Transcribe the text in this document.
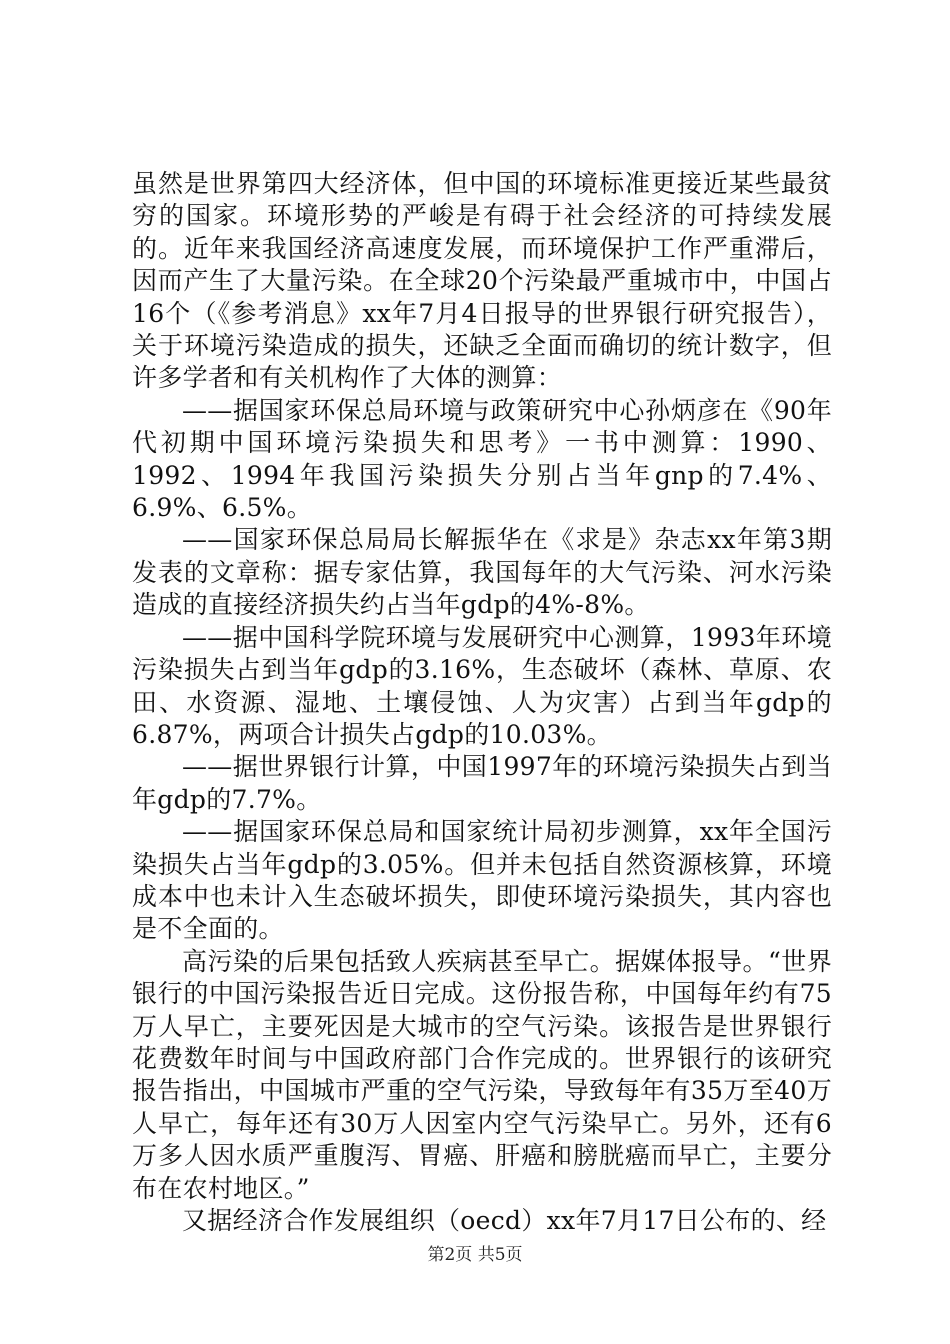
虽然是世界第四大经济体，但中国的环境标准更接近某些最贫穷的国家。环境形势的严峻是有碍于社会经济的可持续发展的。近年来我国经济高速度发展，而环境保护工作严重滞后，因而产生了大量污染。在全球20个污染最严重城市中，中国占16个（《参考消息》xx年7月4日报导的世界银行研究报告），关于环境污染造成的损失，还缺乏全面而确切的统计数字，但许多学者和有关机构作了大体的测算：

——据国家环保总局环境与政策研究中心孙炳彦在《90年代初期中国环境污染损失和思考》一书中测算：1990、1992、1994年我国污染损失分别占当年gnp的7.4%、6.9%、6.5%。

——国家环保总局局长解振华在《求是》杂志xx年第3期发表的文章称：据专家估算，我国每年的大气污染、河水污染造成的直接经济损失约占当年gdp的4%-8%。

——据中国科学院环境与发展研究中心测算，1993年环境污染损失占到当年gdp的3.16%，生态破坏（森林、草原、农田、水资源、湿地、土壤侵蚀、人为灾害）占到当年gdp的6.87%，两项合计损失占gdp的10.03%。

——据世界银行计算，中国1997年的环境污染损失占到当年gdp的7.7%。

——据国家环保总局和国家统计局初步测算，xx年全国污染损失占当年gdp的3.05%。但并未包括自然资源核算，环境成本中也未计入生态破坏损失，即使环境污染损失，其内容也是不全面的。

高污染的后果包括致人疾病甚至早亡。据媒体报导。“世界银行的中国污染报告近日完成。这份报告称，中国每年约有75万人早亡，主要死因是大城市的空气污染。该报告是世界银行花费数年时间与中国政府部门合作完成的。世界银行的该研究报告指出，中国城市严重的空气污染，导致每年有35万至40万人早亡，每年还有30万人因室内空气污染早亡。另外，还有6万多人因水质严重腹泻、胃癌、肝癌和膀胱癌而早亡，主要分布在农村地区。”

又据经济合作发展组织（oecd）xx年7月17日公布的、经

第2页 共5页
